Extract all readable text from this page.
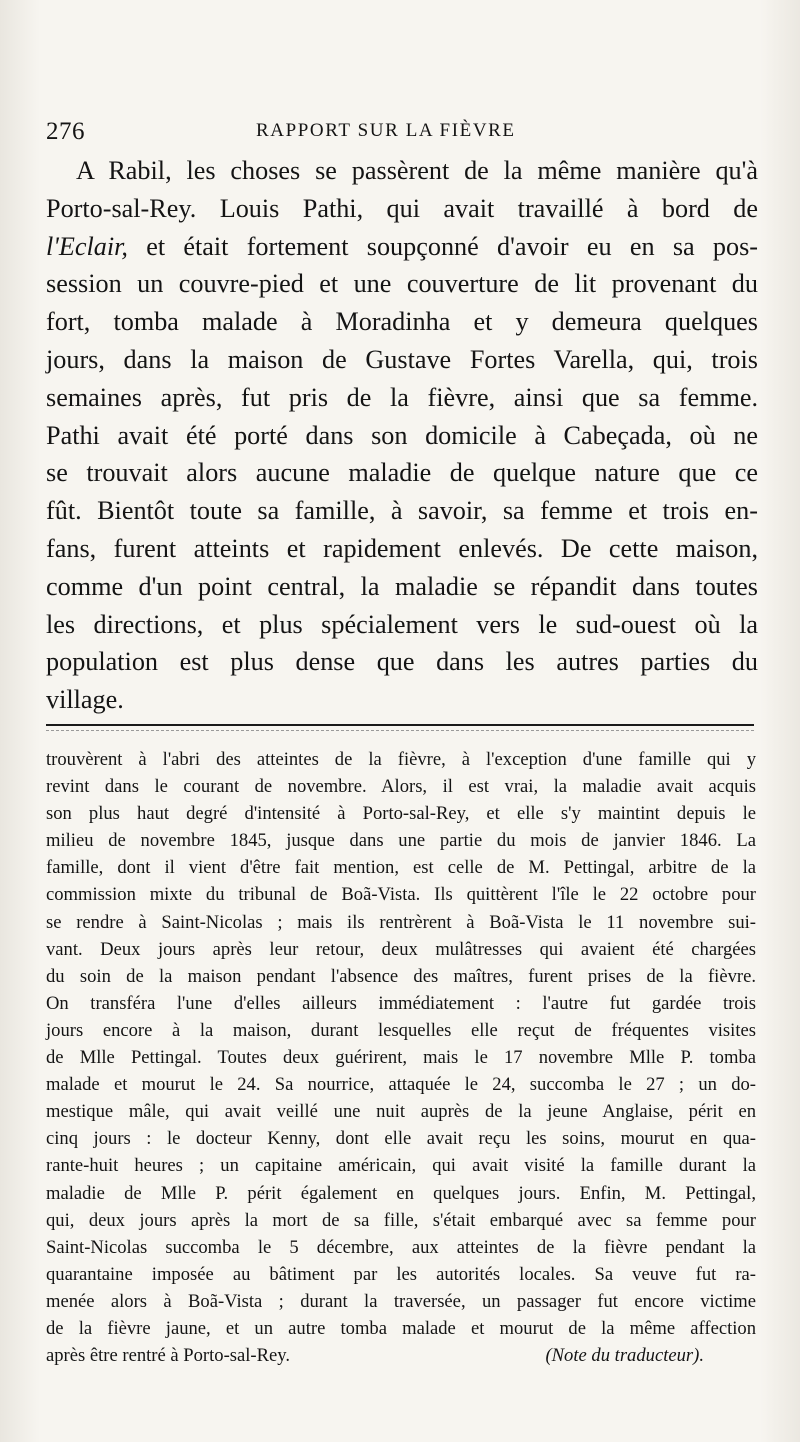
276	RAPPORT SUR LA FIÈVRE
A Rabil, les choses se passèrent de la même manière qu'à
Porto-sal-Rey. Louis Pathi, qui avait travaillé à bord de
l'Eclair, et était fortement soupçonné d'avoir eu en sa pos-
session un couvre-pied et une couverture de lit provenant du
fort, tomba malade à Moradinha et y demeura quelques
jours, dans la maison de Gustave Fortes Varella, qui, trois
semaines après, fut pris de la fièvre, ainsi que sa femme.
Pathi avait été porté dans son domicile à Cabeçada, où ne
se trouvait alors aucune maladie de quelque nature que ce
fût. Bientôt toute sa famille, à savoir, sa femme et trois en-
fans, furent atteints et rapidement enlevés. De cette maison,
comme d'un point central, la maladie se répandit dans toutes
les directions, et plus spécialement vers le sud-ouest où la
population est plus dense que dans les autres parties du
village.
trouvèrent à l'abri des atteintes de la fièvre, à l'exception d'une famille qui y
revint dans le courant de novembre. Alors, il est vrai, la maladie avait acquis
son plus haut degré d'intensité à Porto-sal-Rey, et elle s'y maintint depuis le
milieu de novembre 1845, jusque dans une partie du mois de janvier 1846. La
famille, dont il vient d'être fait mention, est celle de M. Pettingal, arbitre de la
commission mixte du tribunal de Boã-Vista. Ils quittèrent l'île le 22 octobre pour
se rendre à Saint-Nicolas ; mais ils rentrèrent à Boã-Vista le 11 novembre sui-
vant. Deux jours après leur retour, deux mulâtresses qui avaient été chargées
du soin de la maison pendant l'absence des maîtres, furent prises de la fièvre.
On transféra l'une d'elles ailleurs immédiatement : l'autre fut gardée trois
jours encore à la maison, durant lesquelles elle reçut de fréquentes visites
de Mlle Pettingal. Toutes deux guérirent, mais le 17 novembre Mlle P. tomba
malade et mourut le 24. Sa nourrice, attaquée le 24, succomba le 27 ; un do-
mestique mâle, qui avait veillé une nuit auprès de la jeune Anglaise, périt en
cinq jours : le docteur Kenny, dont elle avait reçu les soins, mourut en qua-
rante-huit heures ; un capitaine américain, qui avait visité la famille durant la
maladie de Mlle P. périt également en quelques jours. Enfin, M. Pettingal,
qui, deux jours après la mort de sa fille, s'était embarqué avec sa femme pour
Saint-Nicolas succomba le 5 décembre, aux atteintes de la fièvre pendant la
quarantaine imposée au bâtiment par les autorités locales. Sa veuve fut ra-
menée alors à Boã-Vista ; durant la traversée, un passager fut encore victime
de la fièvre jaune, et un autre tomba malade et mourut de la même affection
après être rentré à Porto-sal-Rey.	(Note du traducteur).
